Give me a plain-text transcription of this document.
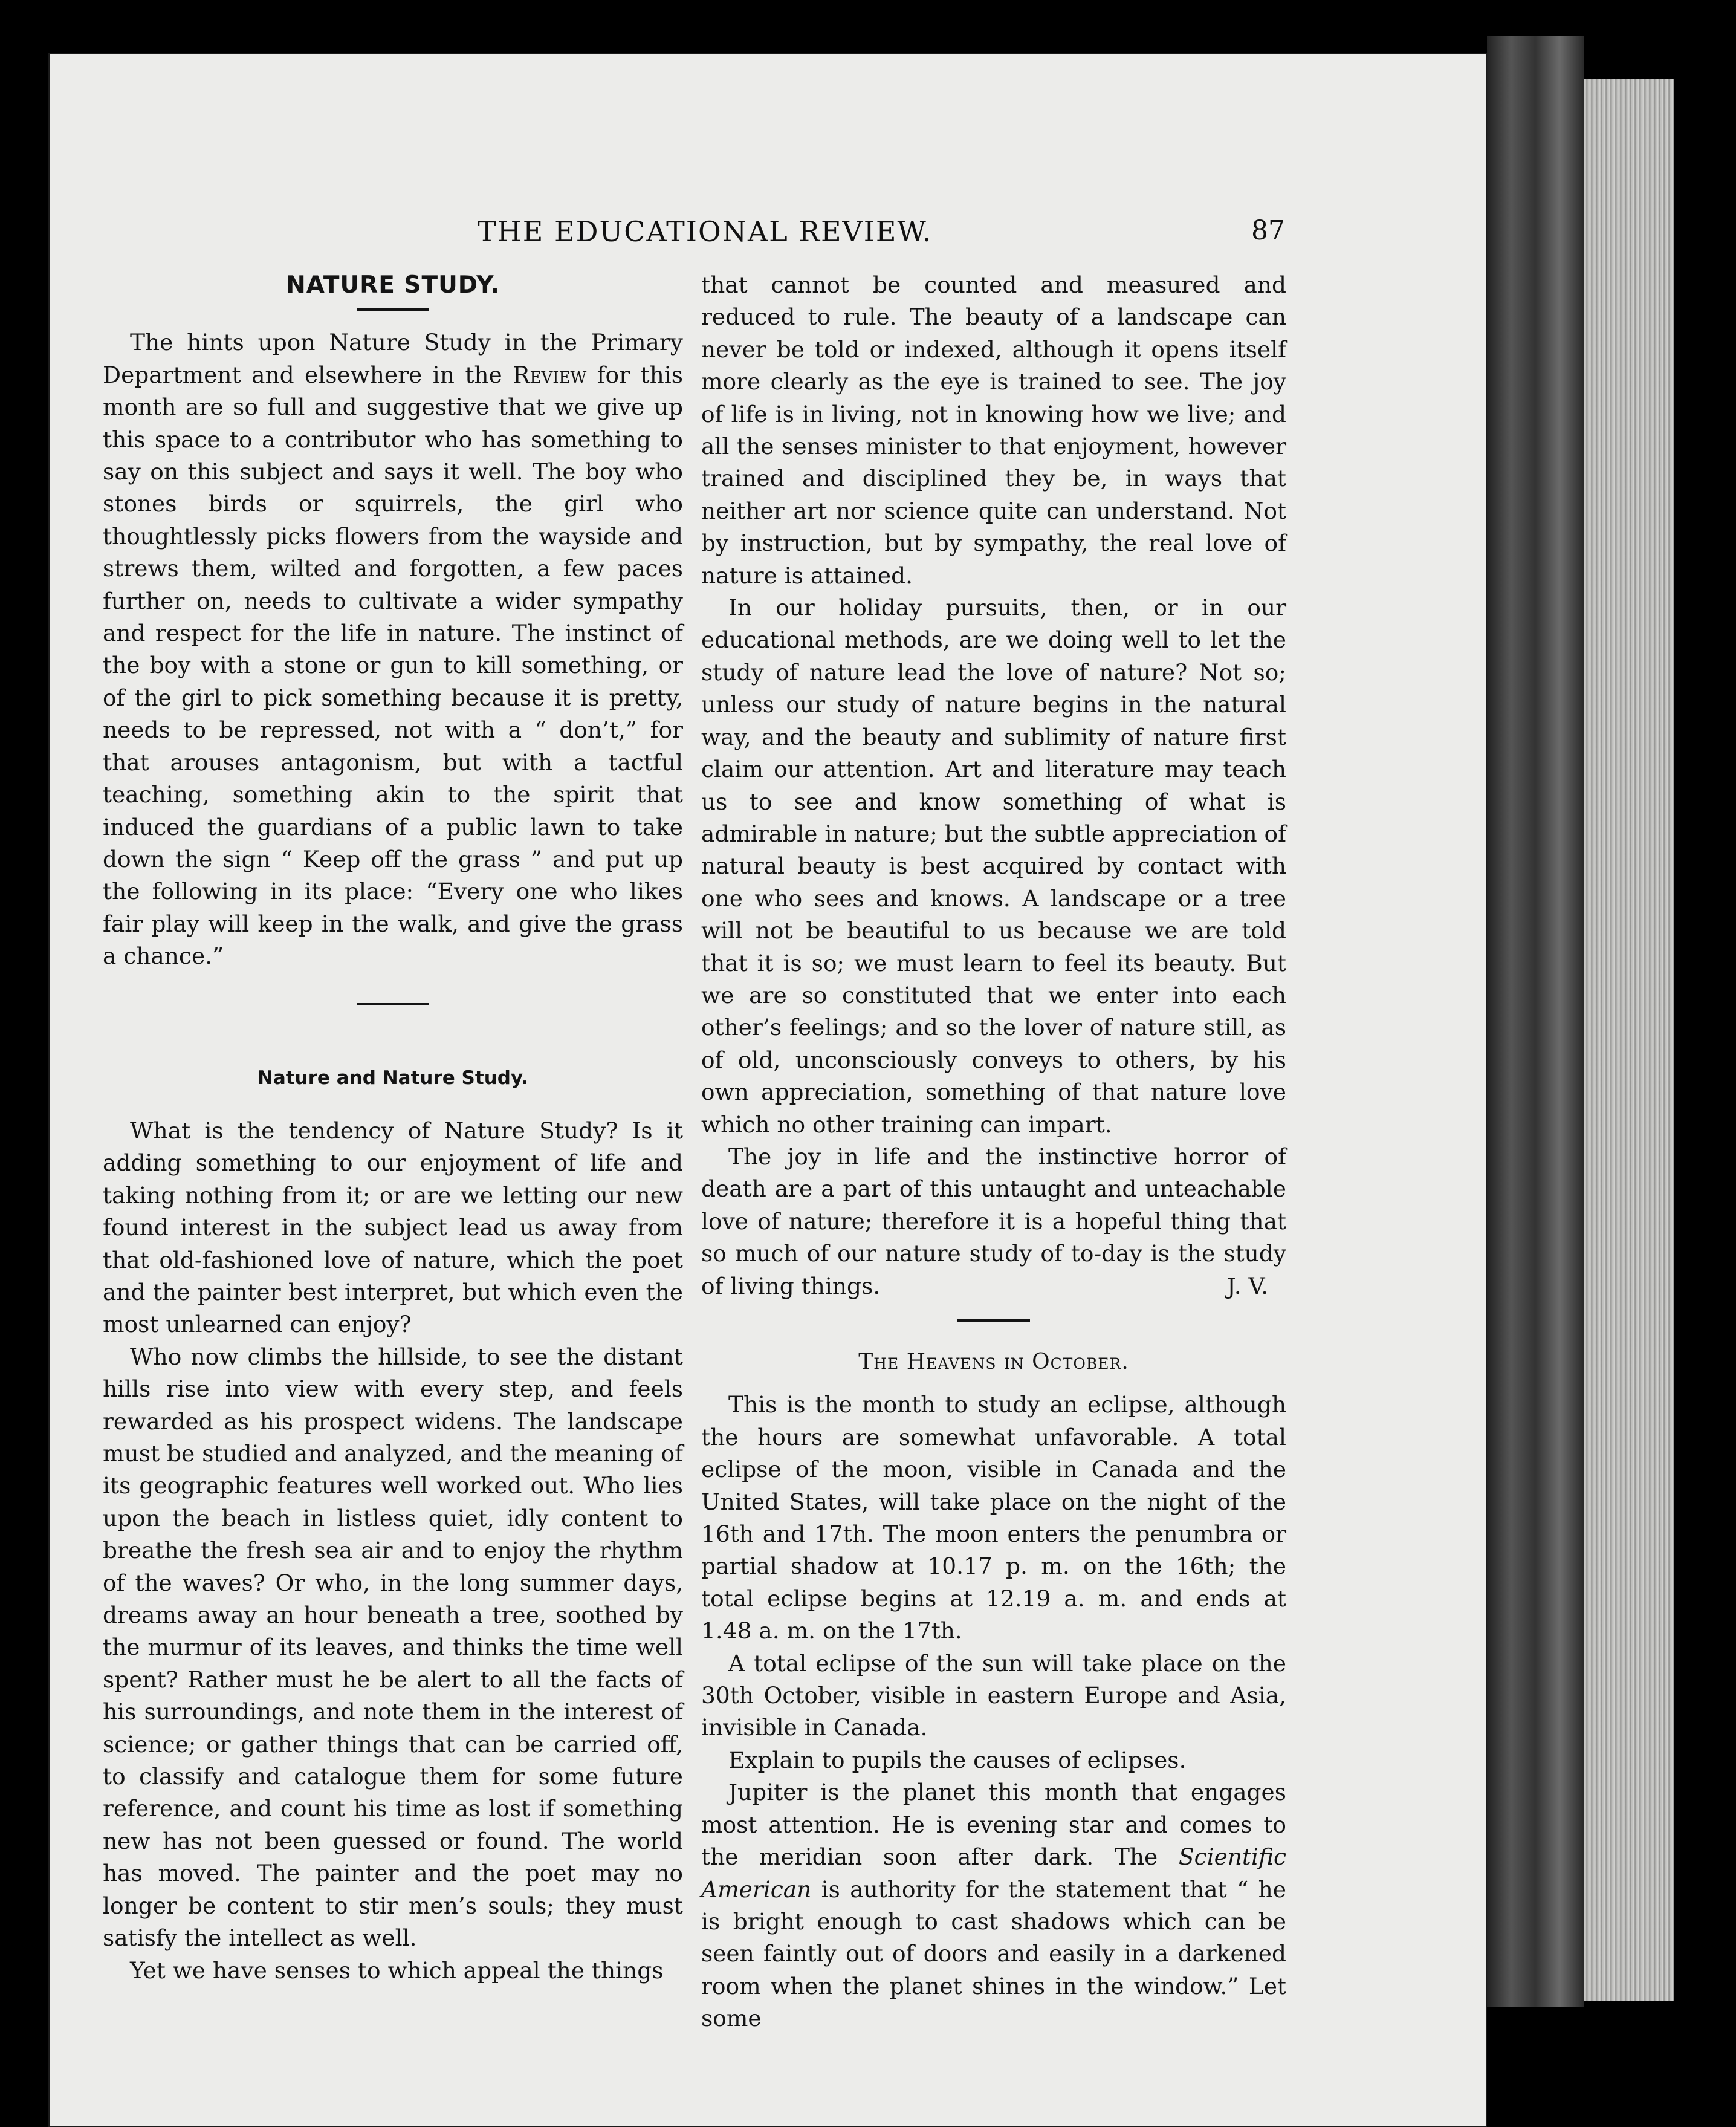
THE EDUCATIONAL REVIEW.	87
NATURE STUDY.

The hints upon Nature Study in the Primary Department and elsewhere in the Review for this month are so full and suggestive that we give up this space to a contributor who has something to say on this subject and says it well. The boy who stones birds or squirrels, the girl who thoughtlessly picks flowers from the wayside and strews them, wilted and forgotten, a few paces further on, needs to cultivate a wider sympathy and respect for the life in nature. The instinct of the boy with a stone or gun to kill something, or of the girl to pick something because it is pretty, needs to be repressed, not with a “ don’t,” for that arouses antagonism, but with a tactful teaching, something akin to the spirit that induced the guardians of a public lawn to take down the sign “ Keep off the grass ” and put up the following in its place: “Every one who likes fair play will keep in the walk, and give the grass a chance.”

Nature and Nature Study.

What is the tendency of Nature Study? Is it adding something to our enjoyment of life and taking nothing from it; or are we letting our new found interest in the subject lead us away from that old-fashioned love of nature, which the poet and the painter best interpret, but which even the most unlearned can enjoy?

Who now climbs the hillside, to see the distant hills rise into view with every step, and feels rewarded as his prospect widens. The landscape must be studied and analyzed, and the meaning of its geographic features well worked out. Who lies upon the beach in listless quiet, idly content to breathe the fresh sea air and to enjoy the rhythm of the waves? Or who, in the long summer days, dreams away an hour beneath a tree, soothed by the murmur of its leaves, and thinks the time well spent? Rather must he be alert to all the facts of his surroundings, and note them in the interest of science; or gather things that can be carried off, to classify and catalogue them for some future reference, and count his time as lost if something new has not been guessed or found. The world has moved. The painter and the poet may no longer be content to stir men’s souls; they must satisfy the intellect as well.

Yet we have senses to which appeal the things

that cannot be counted and measured and reduced to rule. The beauty of a landscape can never be told or indexed, although it opens itself more clearly as the eye is trained to see. The joy of life is in living, not in knowing how we live; and all the senses minister to that enjoyment, however trained and disciplined they be, in ways that neither art nor science quite can understand. Not by instruction, but by sympathy, the real love of nature is attained.

In our holiday pursuits, then, or in our educational methods, are we doing well to let the study of nature lead the love of nature? Not so; unless our study of nature begins in the natural way, and the beauty and sublimity of nature first claim our attention. Art and literature may teach us to see and know something of what is admirable in nature; but the subtle appreciation of natural beauty is best acquired by contact with one who sees and knows. A landscape or a tree will not be beautiful to us because we are told that it is so; we must learn to feel its beauty. But we are so constituted that we enter into each other’s feelings; and so the lover of nature still, as of old, unconsciously conveys to others, by his own appreciation, something of that nature love which no other training can impart.

The joy in life and the instinctive horror of death are a part of this untaught and unteachable love of nature; therefore it is a hopeful thing that so much of our nature study of to-day is the study of living things.	J. V.

The Heavens in October.

This is the month to study an eclipse, although the hours are somewhat unfavorable. A total eclipse of the moon, visible in Canada and the United States, will take place on the night of the 16th and 17th. The moon enters the penumbra or partial shadow at 10.17 p. m. on the 16th; the total eclipse begins at 12.19 a. m. and ends at 1.48 a. m. on the 17th.

A total eclipse of the sun will take place on the 30th October, visible in eastern Europe and Asia, invisible in Canada.

Explain to pupils the causes of eclipses.

Jupiter is the planet this month that engages most attention. He is evening star and comes to the meridian soon after dark. The Scientific American is authority for the statement that “ he is bright enough to cast shadows which can be seen faintly out of doors and easily in a darkened room when the planet shines in the window.” Let some
